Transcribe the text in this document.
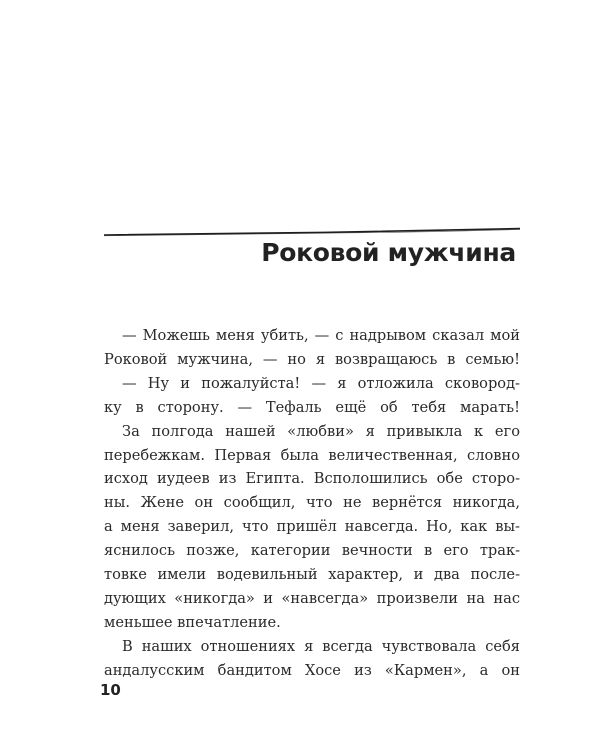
Роковой мужчина
— Можешь меня убить, — с надрывом сказал мой
Роковой мужчина, — но я возвращаюсь в семью!
— Ну и пожалуйста! — я отложила сковород-
ку в сторону. — Тефаль ещё об тебя марать!
За полгода нашей «любви» я привыкла к его
перебежкам. Первая была величественная, словно
исход иудеев из Египта. Всполошились обе сторо-
ны. Жене он сообщил, что не вернётся никогда,
а меня заверил, что пришёл навсегда. Но, как вы-
яснилось позже, категории вечности в его трак-
товке имели водевильный характер, и два после-
дующих «никогда» и «навсегда» произвели на нас
меньшее впечатление.
В наших отношениях я всегда чувствовала себя
андалусским бандитом Хосе из «Кармен», а он
10
